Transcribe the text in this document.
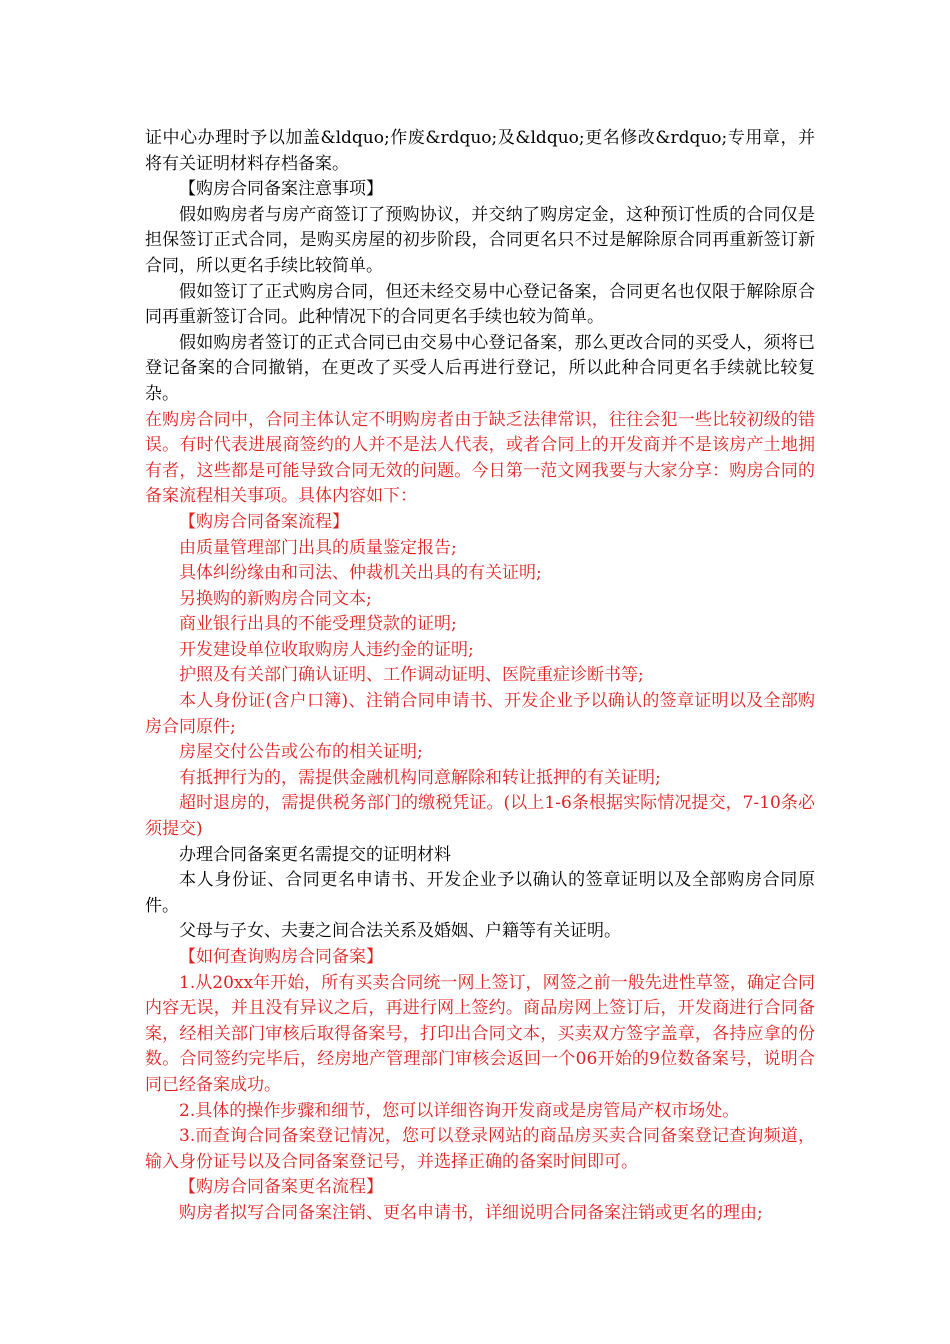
证中心办理时予以加盖&ldquo;作废&rdquo;及&ldquo;更名修改&rdquo;专用章，并将有关证明材料存档备案。

【购房合同备案注意事项】

假如购房者与房产商签订了预购协议，并交纳了购房定金，这种预订性质的合同仅是担保签订正式合同，是购买房屋的初步阶段，合同更名只不过是解除原合同再重新签订新合同，所以更名手续比较简单。

假如签订了正式购房合同，但还未经交易中心登记备案，合同更名也仅限于解除原合同再重新签订合同。此种情况下的合同更名手续也较为简单。

假如购房者签订的正式合同已由交易中心登记备案，那么更改合同的买受人，须将已登记备案的合同撤销，在更改了买受人后再进行登记，所以此种合同更名手续就比较复杂。

在购房合同中，合同主体认定不明购房者由于缺乏法律常识，往往会犯一些比较初级的错误。有时代表进展商签约的人并不是法人代表，或者合同上的开发商并不是该房产土地拥有者，这些都是可能导致合同无效的问题。今日第一范文网我要与大家分享：购房合同的备案流程相关事项。具体内容如下：

【购房合同备案流程】

由质量管理部门出具的质量鉴定报告;

具体纠纷缘由和司法、仲裁机关出具的有关证明;

另换购的新购房合同文本;

商业银行出具的不能受理贷款的证明;

开发建设单位收取购房人违约金的证明;

护照及有关部门确认证明、工作调动证明、医院重症诊断书等;

本人身份证(含户口簿)、注销合同申请书、开发企业予以确认的签章证明以及全部购房合同原件;

房屋交付公告或公布的相关证明;

有抵押行为的，需提供金融机构同意解除和转让抵押的有关证明;

超时退房的，需提供税务部门的缴税凭证。(以上1-6条根据实际情况提交，7-10条必须提交)

办理合同备案更名需提交的证明材料

本人身份证、合同更名申请书、开发企业予以确认的签章证明以及全部购房合同原件。

父母与子女、夫妻之间合法关系及婚姻、户籍等有关证明。

【如何查询购房合同备案】

1.从20xx年开始，所有买卖合同统一网上签订，网签之前一般先进性草签，确定合同内容无误，并且没有异议之后，再进行网上签约。商品房网上签订后，开发商进行合同备案，经相关部门审核后取得备案号，打印出合同文本，买卖双方签字盖章，各持应拿的份数。合同签约完毕后，经房地产管理部门审核会返回一个06开始的9位数备案号，说明合同已经备案成功。

2.具体的操作步骤和细节，您可以详细咨询开发商或是房管局产权市场处。

3.而查询合同备案登记情况，您可以登录网站的商品房买卖合同备案登记查询频道，输入身份证号以及合同备案登记号，并选择正确的备案时间即可。

【购房合同备案更名流程】

购房者拟写合同备案注销、更名申请书，详细说明合同备案注销或更名的理由;
